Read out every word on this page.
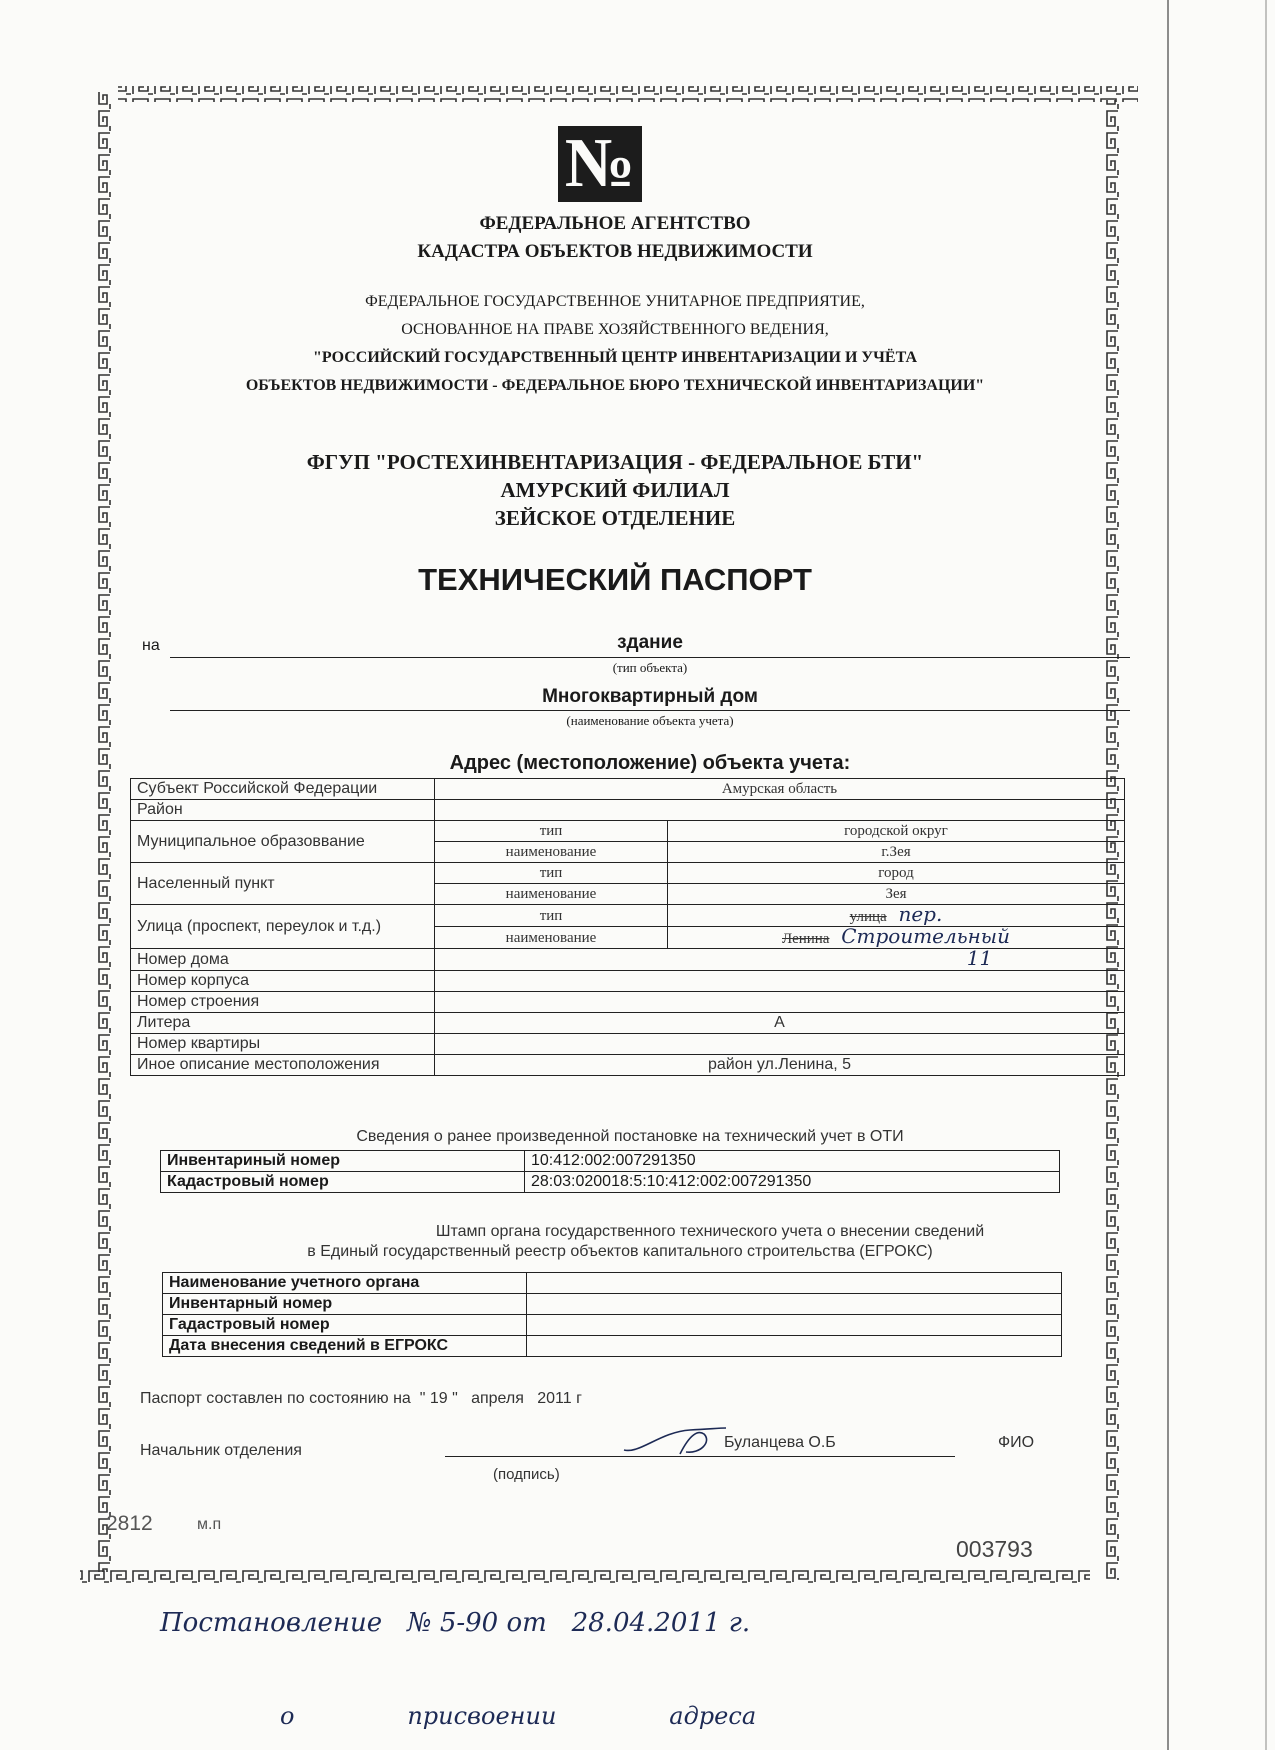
№
ФЕДЕРАЛЬНОЕ АГЕНТСТВО
КАДАСТРА ОБЪЕКТОВ НЕДВИЖИМОСТИ
ФЕДЕРАЛЬНОЕ ГОСУДАРСТВЕННОЕ УНИТАРНОЕ ПРЕДПРИЯТИЕ,
ОСНОВАННОЕ НА ПРАВЕ ХОЗЯЙСТВЕННОГО ВЕДЕНИЯ,
"РОССИЙСКИЙ ГОСУДАРСТВЕННЫЙ ЦЕНТР ИНВЕНТАРИЗАЦИИ И УЧЁТА
ОБЪЕКТОВ НЕДВИЖИМОСТИ - ФЕДЕРАЛЬНОЕ БЮРО ТЕХНИЧЕСКОЙ ИНВЕНТАРИЗАЦИИ"
ФГУП "РОСТЕХИНВЕНТАРИЗАЦИЯ - ФЕДЕРАЛЬНОЕ БТИ"
АМУРСКИЙ ФИЛИАЛ
ЗЕЙСКОЕ ОТДЕЛЕНИЕ
ТЕХНИЧЕСКИЙ ПАСПОРТ
на	здание
(тип объекта)
Многоквартирный дом
(наименование объекта учета)
Адрес (местоположение) объекта учета:
Субъект Российской Федерации	Амурская область	
Район		
Муниципальное образоввание	тип	городской округ
	наименование	г.Зея
Населенный пункт	тип	город
	наименование	Зея
Улица (проспект, переулок и т.д.)	тип	улица пер.
	наименование	Ленина Строительный
Номер дома	11	
Номер корпуса		
Номер строения		
Литера	А	
Номер квартиры		
Иное описание местоположения	район ул.Ленина, 5	
Сведения о ранее произведенной постановке на технический учет в ОТИ
Инвентариный номер	10:412:002:007291350
Кадастровый номер	28:03:020018:5:10:412:002:007291350
Штамп органа государственного технического учета о внесении сведений
в Единый государственный реестр объектов капитального строительства (ЕГРОКС)
Наименование учетного органа	
Инвентарный номер	
Гадастровый номер	
Дата внесения сведений в ЕГРОКС	
Паспорт составлен по состоянию на  " 19 "   апреля   2011 г
Начальник отделения	Буланцева О.Б	ФИО
(подпись)
2812	м.п
003793
Постановление   № 5-90 от   28.04.2011 г.
о   присвоении   адреса
